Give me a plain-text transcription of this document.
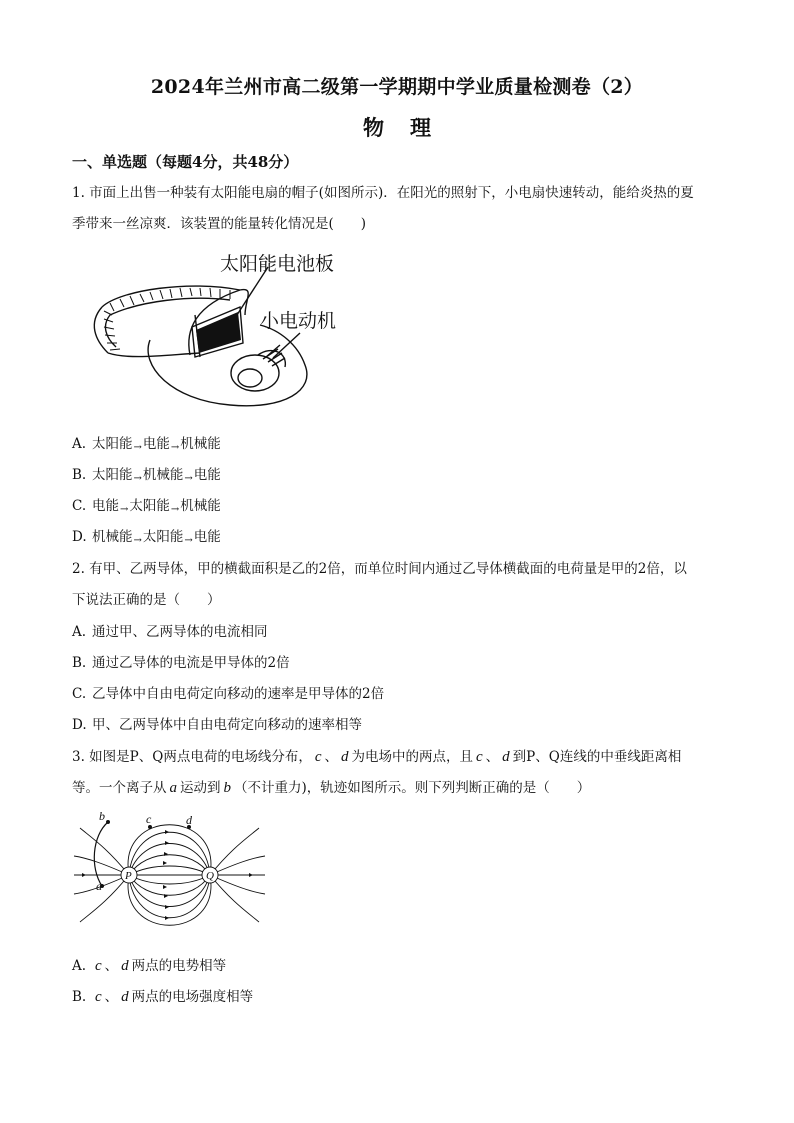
2024年兰州市高二级第一学期期中学业质量检测卷（2）
物理
一、单选题（每题4分，共48分）
1. 市面上出售一种装有太阳能电扇的帽子(如图所示)．在阳光的照射下，小电扇快速转动，能给炎热的夏
季带来一丝凉爽．该装置的能量转化情况是(　　)
太阳能电池板
小电动机
A. 太阳能→电能→机械能
B. 太阳能→机械能→电能
C. 电能→太阳能→机械能
D. 机械能→太阳能→电能
2. 有甲、乙两导体，甲的横截面积是乙的2倍，而单位时间内通过乙导体横截面的电荷量是甲的2倍，以
下说法正确的是（　　）
A. 通过甲、乙两导体的电流相同
B. 通过乙导体的电流是甲导体的2倍
C. 乙导体中自由电荷定向移动的速率是甲导体的2倍
D. 甲、乙两导体中自由电荷定向移动的速率相等
3. 如图是P、Q两点电荷的电场线分布， c 、 d 为电场中的两点，且 c 、 d 到P、Q连线的中垂线距离相
等。一个离子从 a 运动到 b （不计重力)，轨迹如图所示。则下列判断正确的是（　　）
b	c	d
a
P	Q
A. c 、 d 两点的电势相等
B. c 、 d 两点的电场强度相等
